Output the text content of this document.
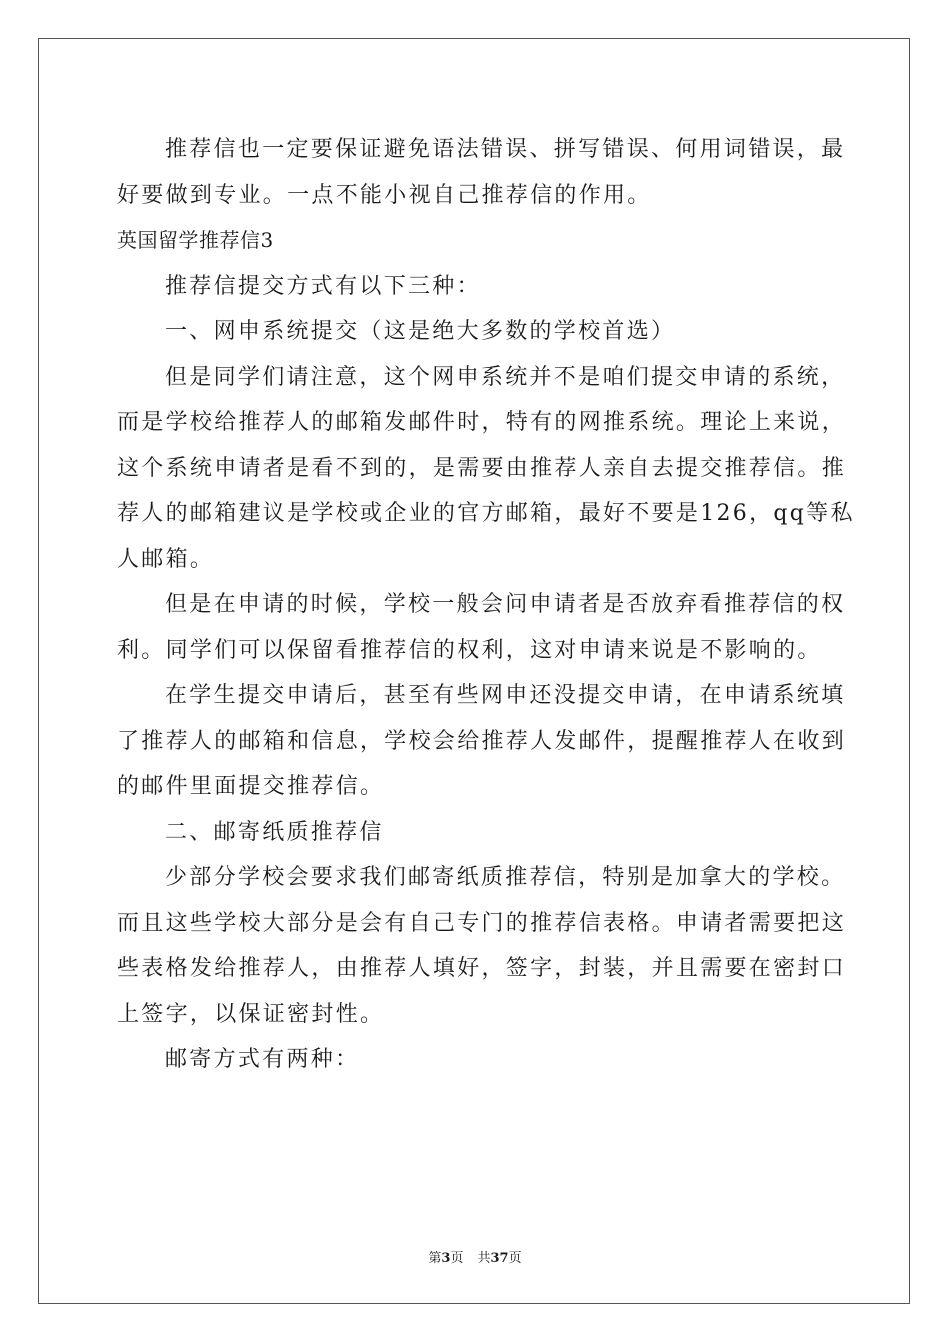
推荐信也一定要保证避免语法错误、拼写错误、何用词错误，最
好要做到专业。一点不能小视自己推荐信的作用。
英国留学推荐信3
推荐信提交方式有以下三种：
一、网申系统提交（这是绝大多数的学校首选）
但是同学们请注意，这个网申系统并不是咱们提交申请的系统，
而是学校给推荐人的邮箱发邮件时，特有的网推系统。理论上来说，
这个系统申请者是看不到的，是需要由推荐人亲自去提交推荐信。推
荐人的邮箱建议是学校或企业的官方邮箱，最好不要是126，qq等私
人邮箱。
但是在申请的时候，学校一般会问申请者是否放弃看推荐信的权
利。同学们可以保留看推荐信的权利，这对申请来说是不影响的。
在学生提交申请后，甚至有些网申还没提交申请，在申请系统填
了推荐人的邮箱和信息，学校会给推荐人发邮件，提醒推荐人在收到
的邮件里面提交推荐信。
二、邮寄纸质推荐信
少部分学校会要求我们邮寄纸质推荐信，特别是加拿大的学校。
而且这些学校大部分是会有自己专门的推荐信表格。申请者需要把这
些表格发给推荐人，由推荐人填好，签字，封装，并且需要在密封口
上签字，以保证密封性。
邮寄方式有两种：
第3页 共37页
